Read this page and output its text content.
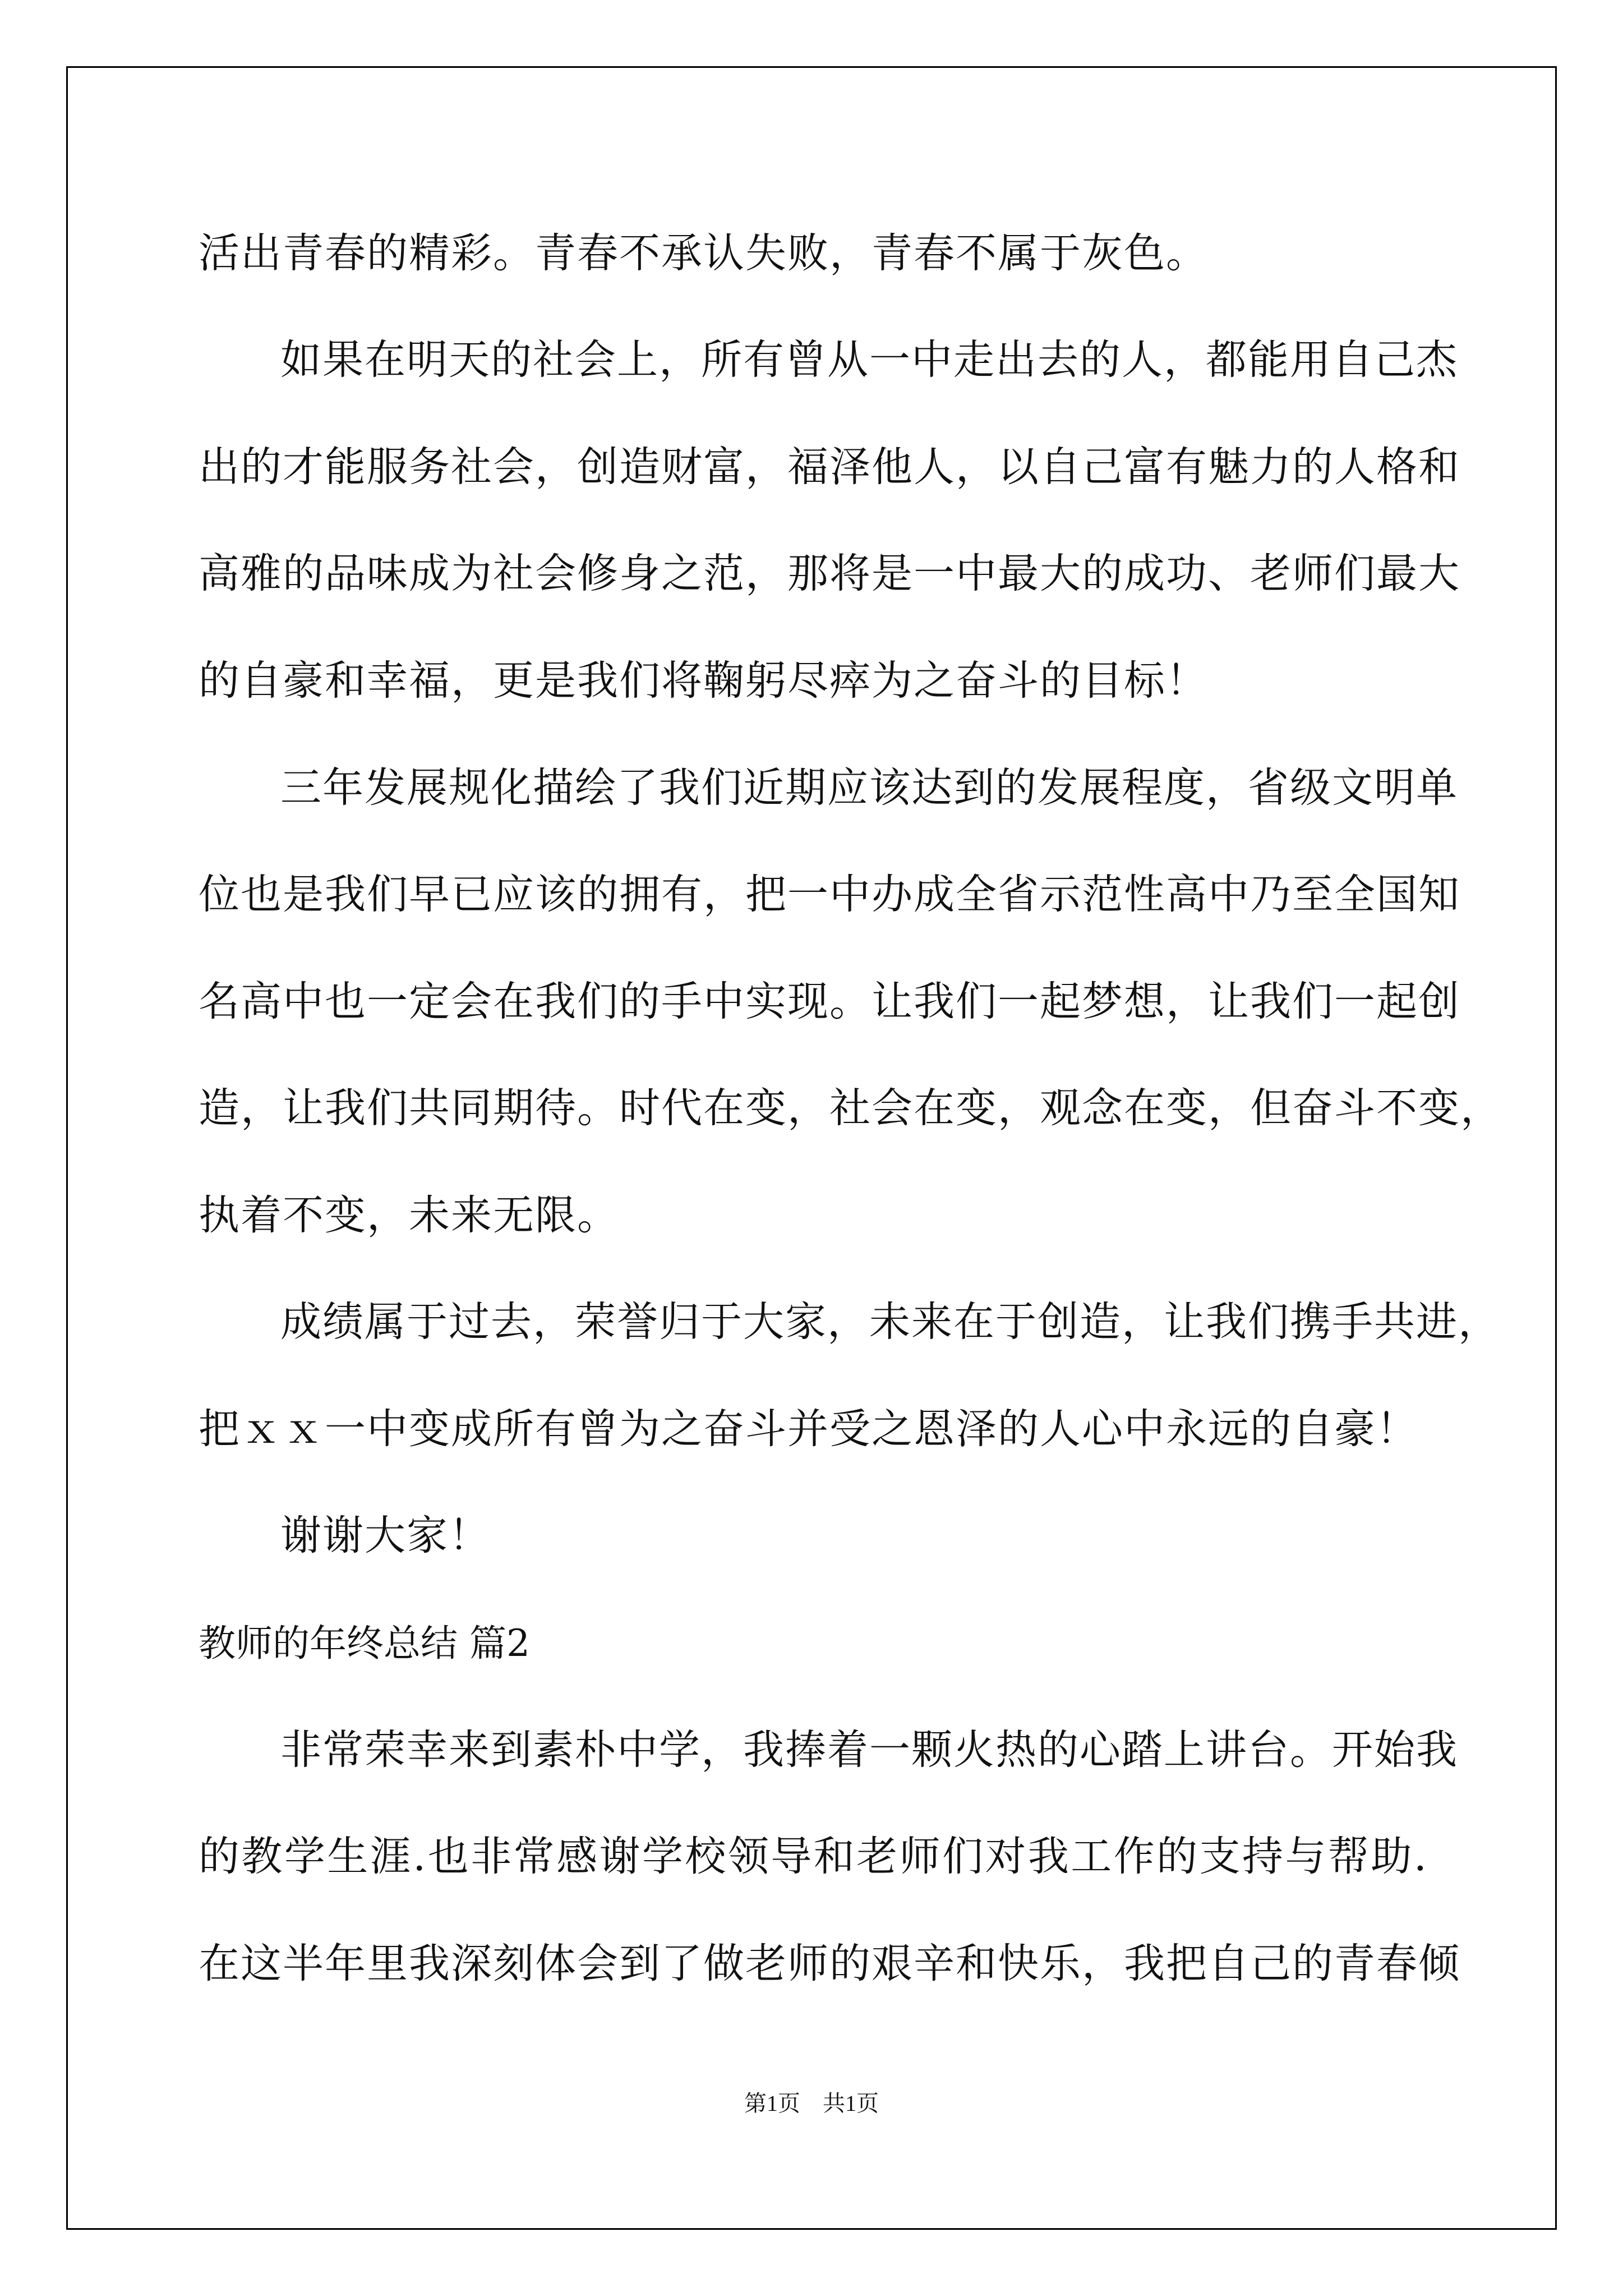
活出青春的精彩。青春不承认失败，青春不属于灰色。

如果在明天的社会上，所有曾从一中走出去的人，都能用自己杰

出的才能服务社会，创造财富，福泽他人，以自己富有魅力的人格和

高雅的品味成为社会修身之范，那将是一中最大的成功、老师们最大

的自豪和幸福，更是我们将鞠躬尽瘁为之奋斗的目标！

三年发展规化描绘了我们近期应该达到的发展程度，省级文明单

位也是我们早已应该的拥有，把一中办成全省示范性高中乃至全国知

名高中也一定会在我们的手中实现。让我们一起梦想，让我们一起创

造，让我们共同期待。时代在变，社会在变，观念在变，但奋斗不变，

执着不变，未来无限。

成绩属于过去，荣誉归于大家，未来在于创造，让我们携手共进，

把ｘｘ一中变成所有曾为之奋斗并受之恩泽的人心中永远的自豪！

谢谢大家！

教师的年终总结 篇2

非常荣幸来到素朴中学，我捧着一颗火热的心踏上讲台。开始我

的教学生涯.也非常感谢学校领导和老师们对我工作的支持与帮助.

在这半年里我深刻体会到了做老师的艰辛和快乐，我把自己的青春倾

第1页　共1页
